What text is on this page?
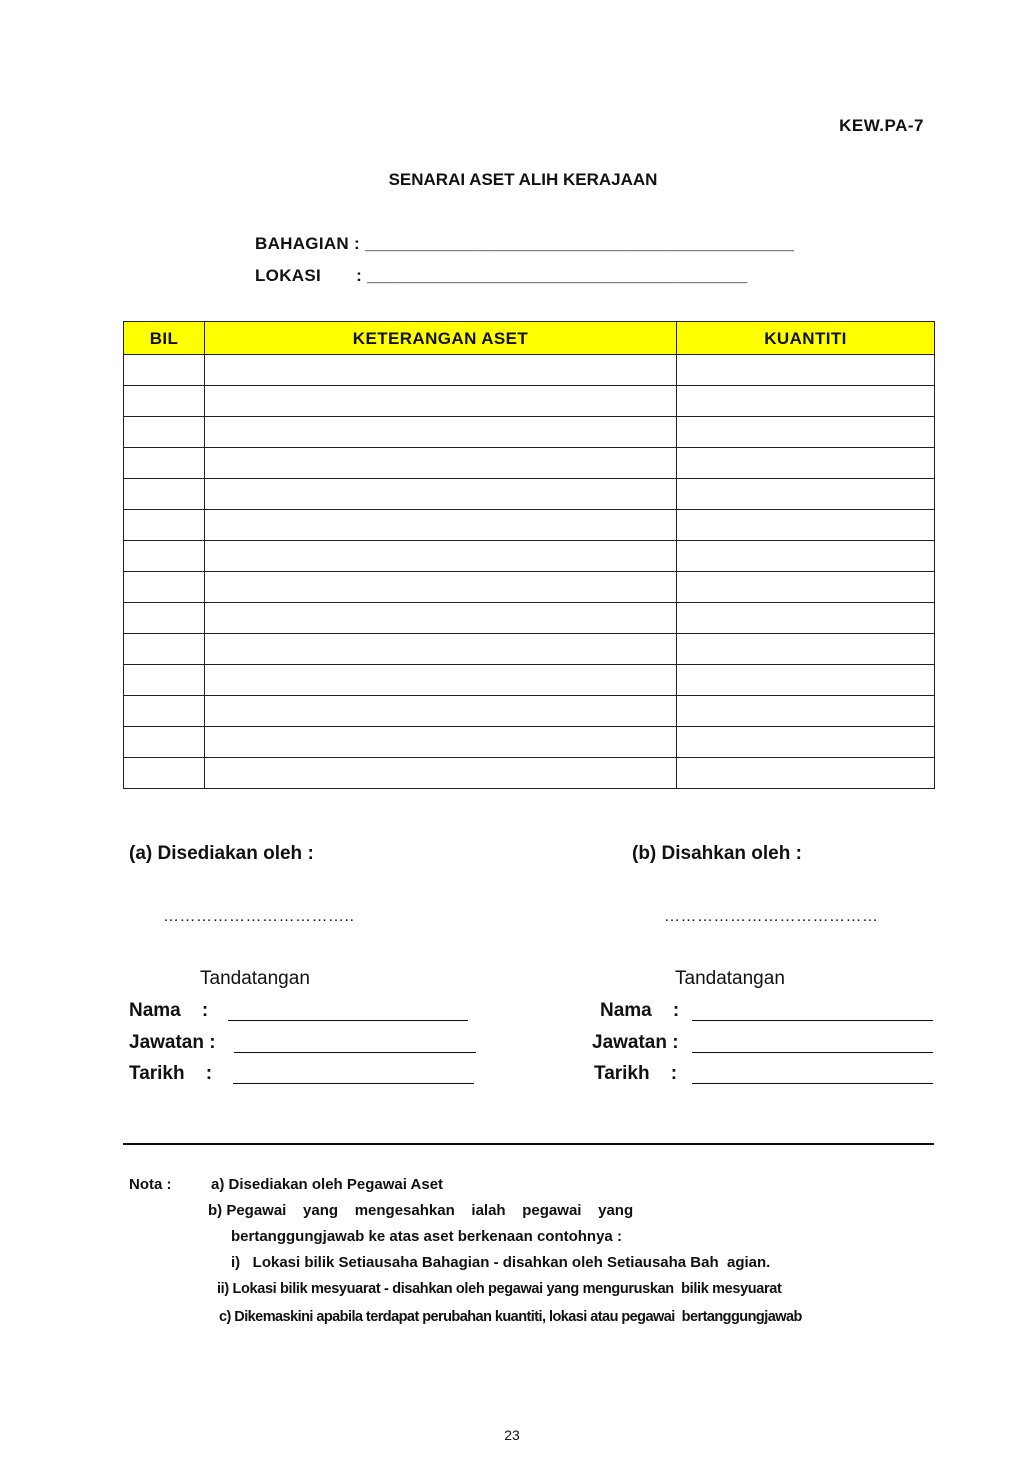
KEW.PA-7
SENARAI ASET ALIH KERAJAAN
BAHAGIAN : ____________________________________________
LOKASI       : _______________________________________
BIL	KETERANGAN ASET	KUANTITI

(a) Disediakan oleh :	(b) Disahkan oleh :
……………………………..	…………………………………
Tandatangan	Tandatangan
Nama    :
Jawatan :
Tarikh    :
Nama    :
Jawatan :
Tarikh    :
Nota :	a) Disediakan oleh Pegawai Aset
b) Pegawai    yang    mengesahkan    ialah    pegawai    yang
bertanggungjawab ke atas aset berkenaan contohnya :
i)   Lokasi bilik Setiausaha Bahagian - disahkan oleh Setiausaha Bah  agian.
ii) Lokasi bilik mesyuarat - disahkan oleh pegawai yang menguruskan  bilik mesyuarat
c) Dikemaskini apabila terdapat perubahan kuantiti, lokasi atau pegawai  bertanggungjawab
23
